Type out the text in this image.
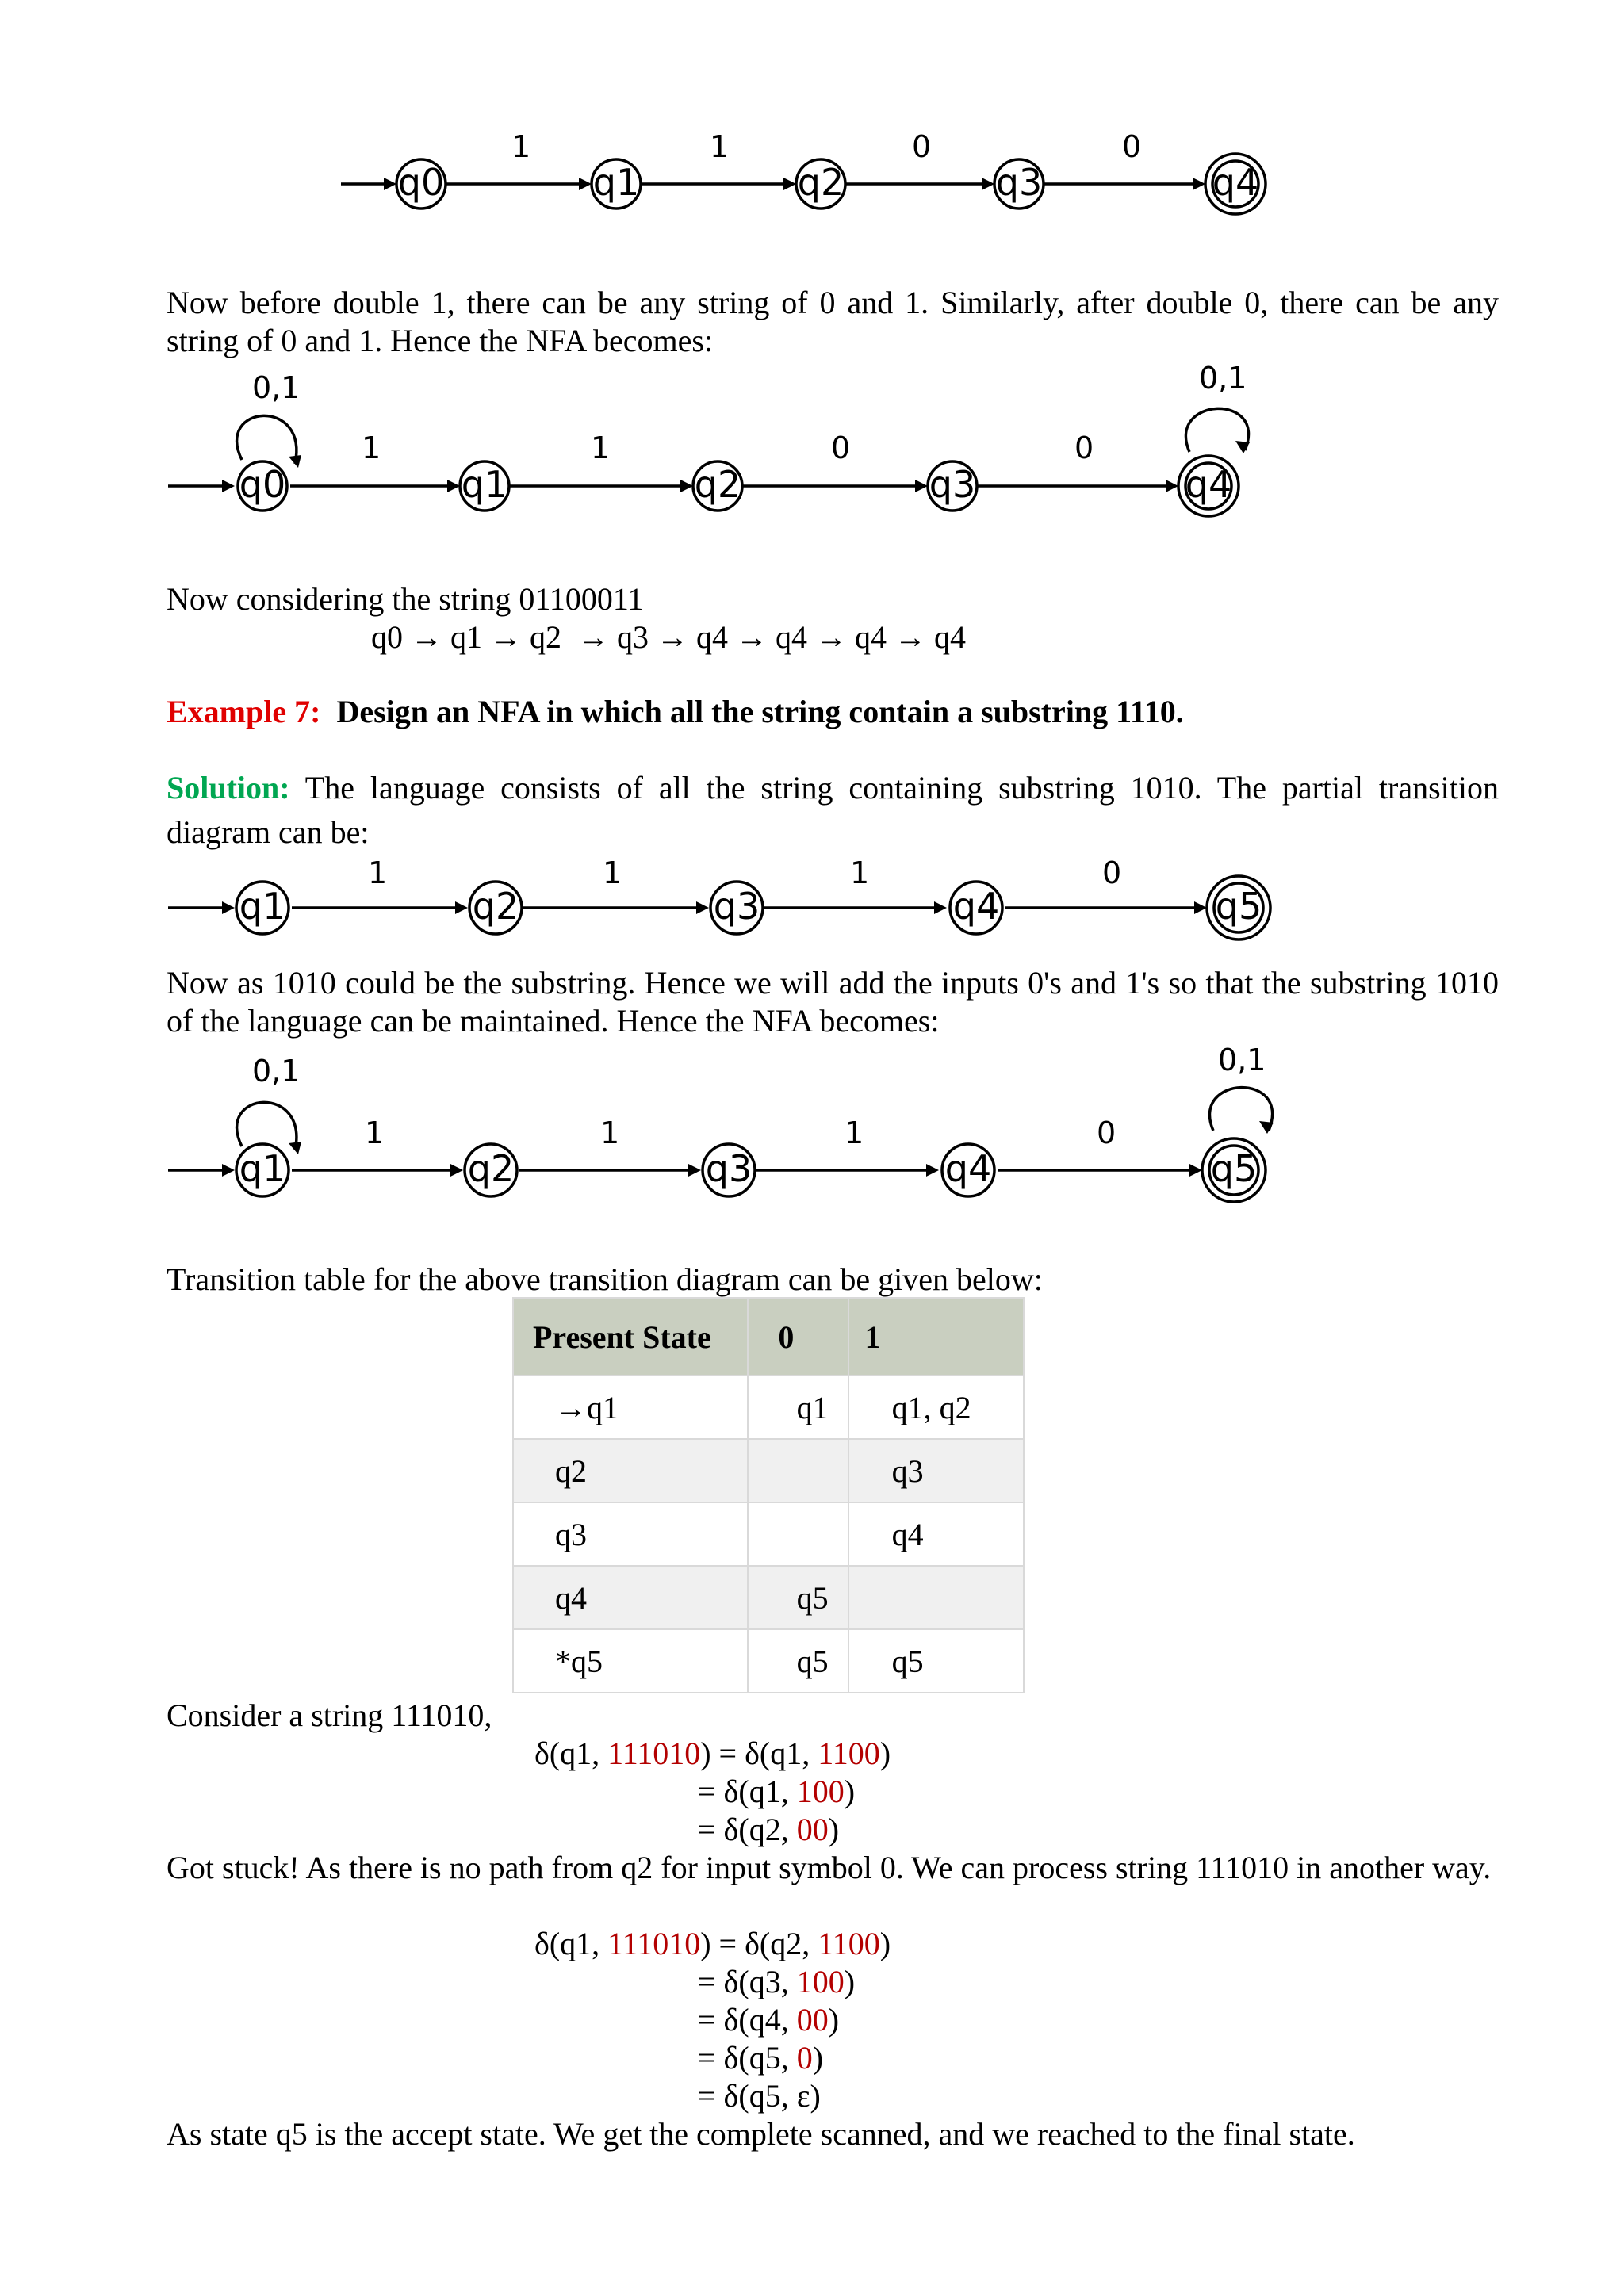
1	1	0	0
q0	q1	q2	q3	q4

Now before double 1, there can be any string of 0 and 1. Similarly, after double 0, there can be any string of 0 and 1. Hence the NFA becomes:

0,1	0,1
1	1	0	0
q0	q1	q2	q3	q4

Now considering the string 01100011

q0 → q1 → q2  → q3 → q4 → q4 → q4 → q4

Example 7: Design an NFA in which all the string contain a substring 1110.

Solution: The language consists of all the string containing substring 1010. The partial transition diagram can be:

1	1	1	0
q1	q2	q3	q4	q5

Now as 1010 could be the substring. Hence we will add the inputs 0's and 1's so that the substring 1010 of the language can be maintained. Hence the NFA becomes:

0,1	0,1
1	1	1	0
q1	q2	q3	q4	q5

Transition table for the above transition diagram can be given below:

Present State	0	1
→q1	q1	q1, q2
q2		q3
q3		q4
q4	q5	
*q5	q5	q5

Consider a string 111010,

δ(q1, 111010) = δ(q1, 1100)
= δ(q1, 100)
= δ(q2, 00)

Got stuck! As there is no path from q2 for input symbol 0. We can process string 111010 in another way.

δ(q1, 111010) = δ(q2, 1100)
= δ(q3, 100)
= δ(q4, 00)
= δ(q5, 0)
= δ(q5, ε)

As state q5 is the accept state. We get the complete scanned, and we reached to the final state.
